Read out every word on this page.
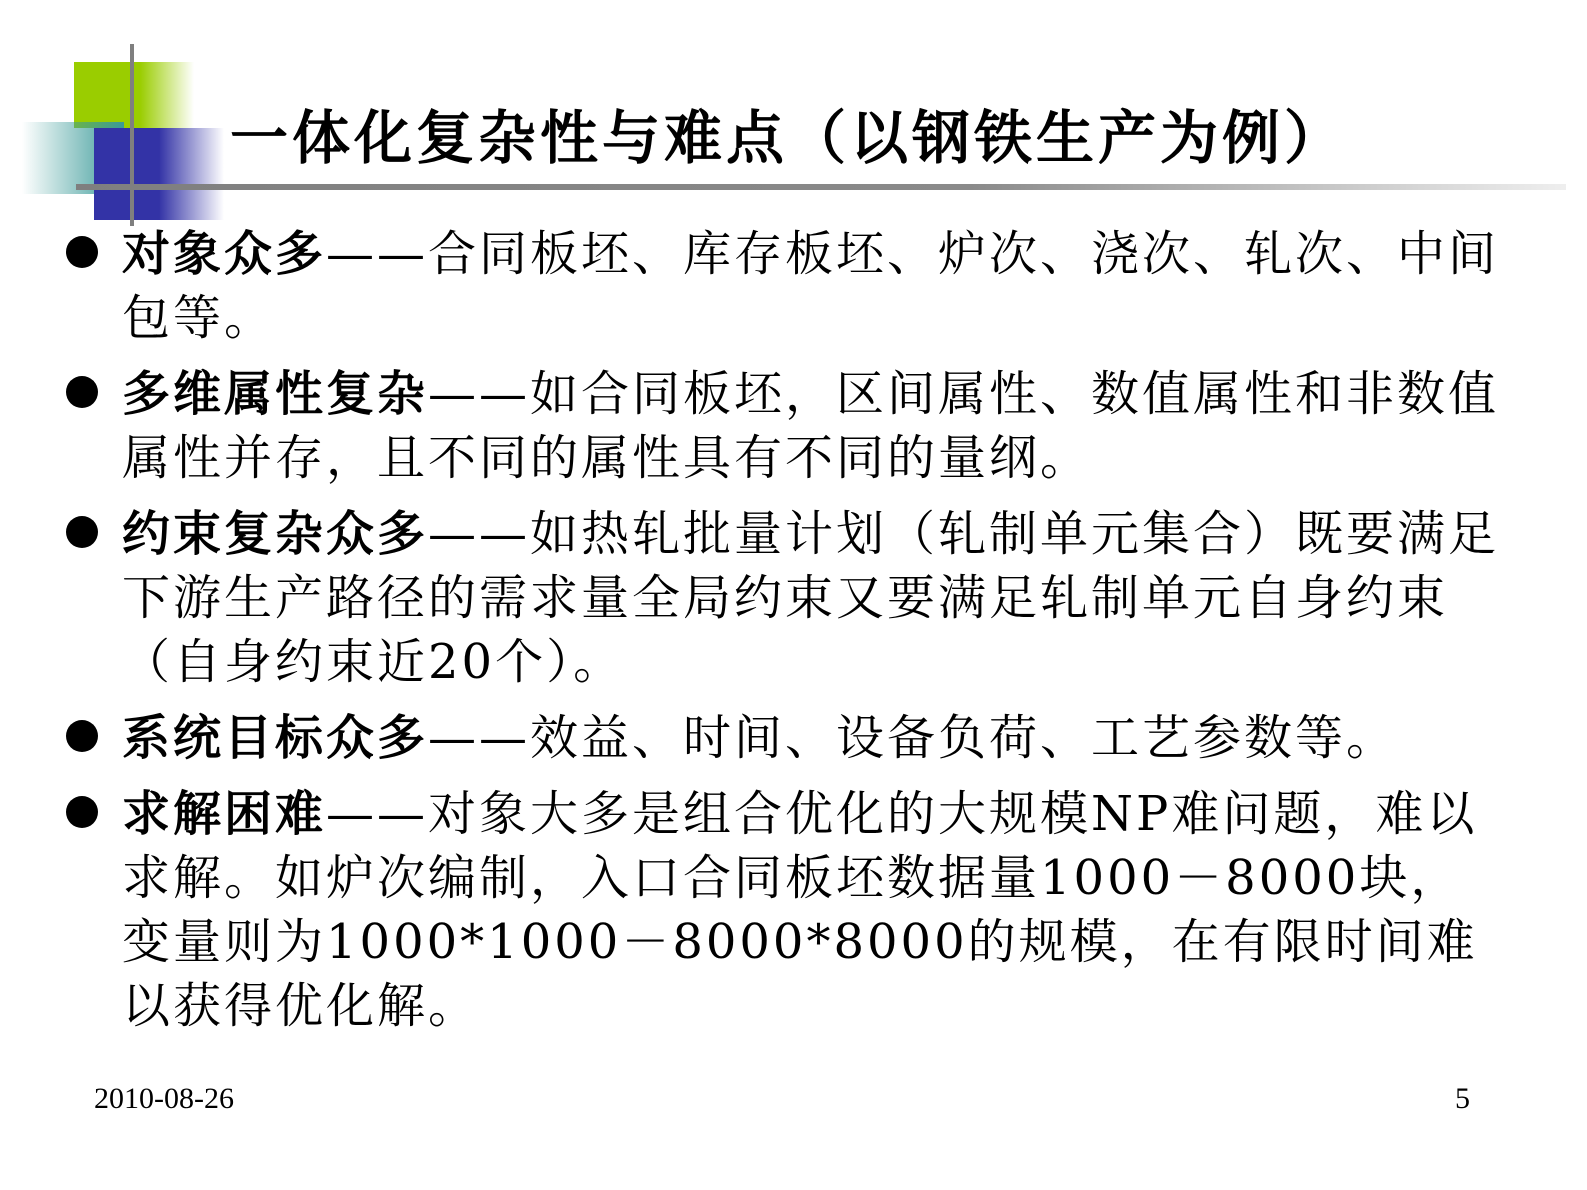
一体化复杂性与难点（以钢铁生产为例）
对象众多——合同板坯、库存板坯、炉次、浇次、轧次、中间包等。
多维属性复杂——如合同板坯，区间属性、数值属性和非数值属性并存，且不同的属性具有不同的量纲。
约束复杂众多——如热轧批量计划（轧制单元集合）既要满足下游生产路径的需求量全局约束又要满足轧制单元自身约束（自身约束近20个）。
系统目标众多——效益、时间、设备负荷、工艺参数等。
求解困难——对象大多是组合优化的大规模NP难问题，难以求解。如炉次编制，入口合同板坯数据量1000－8000块，变量则为1000*1000－8000*8000的规模，在有限时间难以获得优化解。
2010-08-26	5
